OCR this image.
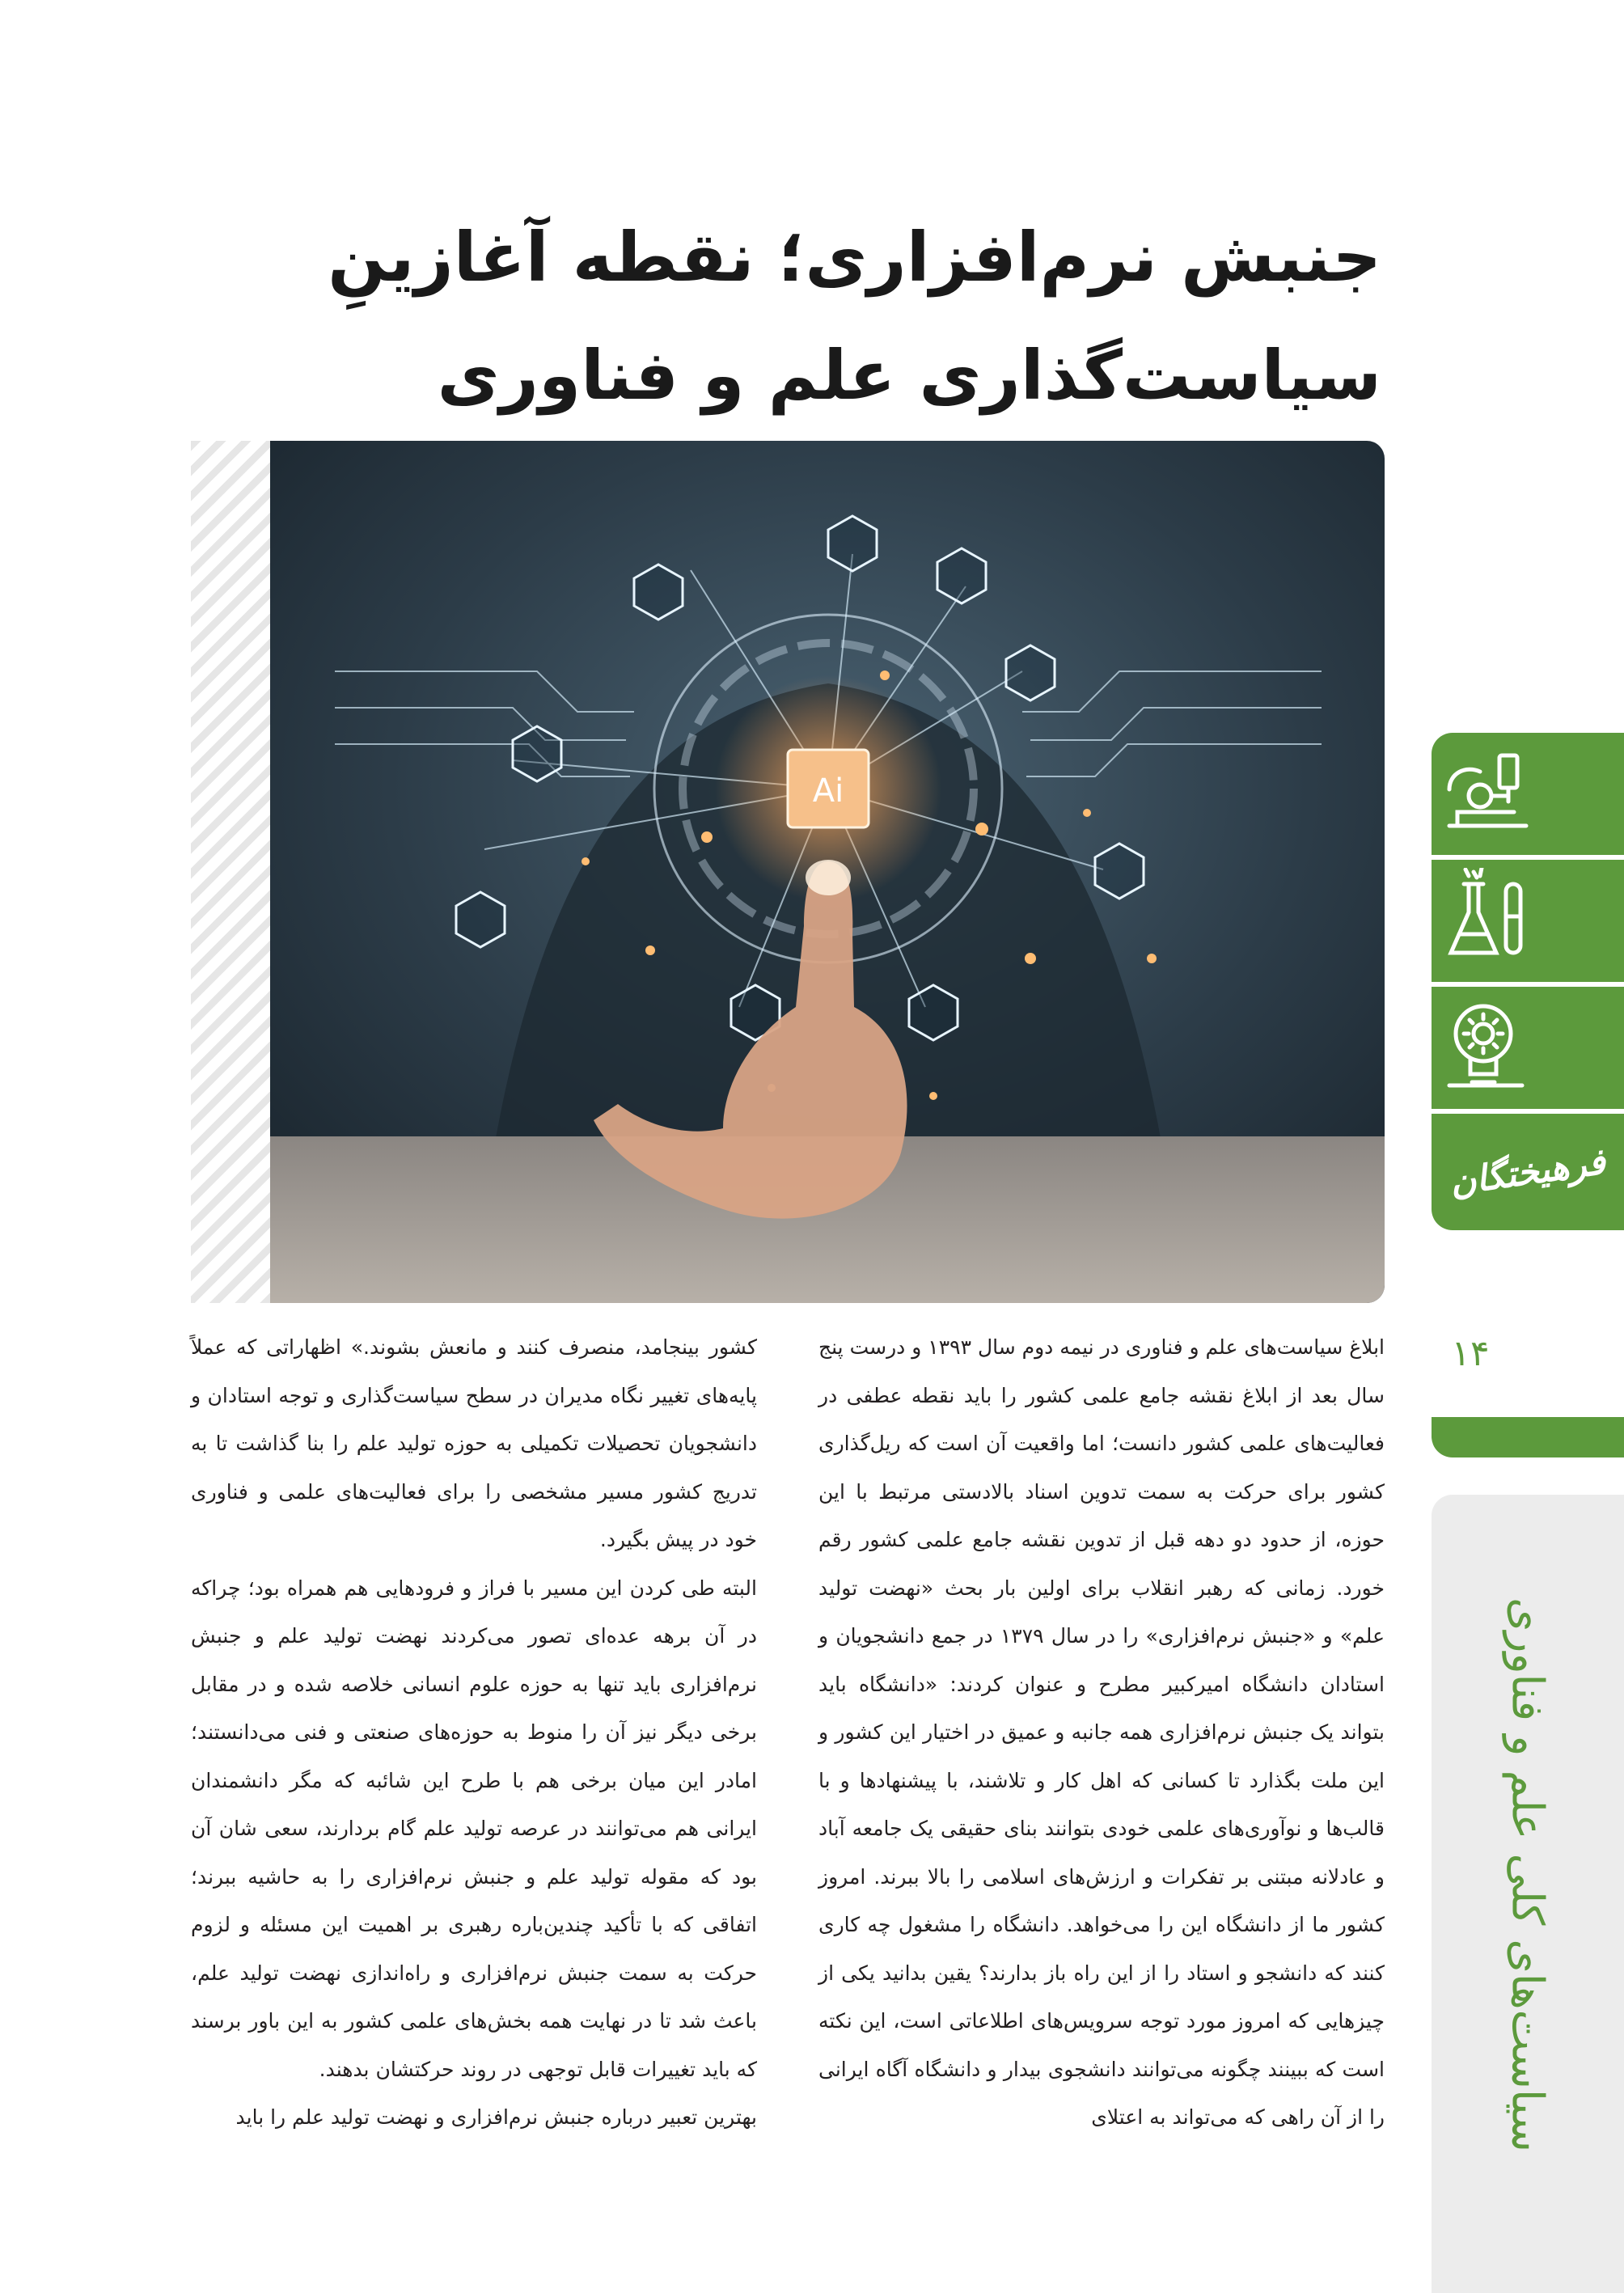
جنبش نرم‌افزاری؛ نقطه آغازینِ
سیاست‌گذاری علم و فناوری
Ai

ابلاغ سیاست‌های علم و فناوری در نیمه دوم سال ۱۳۹۳ و درست پنج سال بعد از ابلاغ نقشه جامع علمی کشور را باید نقطه عطفی در فعالیت‌های علمی کشور دانست؛ اما واقعیت آن است که ریل‌گذاری کشور برای حرکت به سمت تدوین اسناد بالادستی مرتبط با این حوزه، از حدود دو دهه قبل از تدوین نقشه جامع علمی کشور رقم خورد. زمانی که رهبر انقلاب برای اولین بار بحث «نهضت تولید علم» و «جنبش نرم‌افزاری» را در سال ۱۳۷۹ در جمع دانشجویان و استادان دانشگاه امیرکبیر مطرح و عنوان کردند: «دانشگاه باید بتواند یک جنبش نرم‌افزاری همه جانبه و عمیق در اختیار این کشور و این ملت بگذارد تا کسانی که اهل کار و تلاشند، با پیشنهادها و با قالب‌ها و نوآوری‌های علمی خودی بتوانند بنای حقیقی یک جامعه آباد و عادلانه مبتنی بر تفکرات و ارزش‌های اسلامی را بالا ببرند. امروز کشور ما از دانشگاه این را می‌خواهد. دانشگاه را مشغول چه کاری کنند که دانشجو و استاد را از این راه باز بدارند؟ یقین بدانید یکی از چیزهایی که امروز مورد توجه سرویس‌های اطلاعاتی است، این نکته است که ببینند چگونه می‌توانند دانشجوی بیدار و دانشگاه آگاه ایرانی را از آن راهی که می‌تواند به اعتلای

کشور بینجامد، منصرف کنند و مانعش بشوند.» اظهاراتی که عملاً پایه‌های تغییر نگاه مدیران در سطح سیاست‌گذاری و توجه استادان و دانشجویان تحصیلات تکمیلی به حوزه تولید علم را بنا گذاشت تا به تدریج کشور مسیر مشخصی را برای فعالیت‌های علمی و فناوری خود در پیش بگیرد.

البته طی کردن این مسیر با فراز و فرودهایی هم همراه بود؛ چراکه در آن برهه عده‌ای تصور می‌کردند نهضت تولید علم و جنبش نرم‌افزاری باید تنها به حوزه علوم انسانی خلاصه شده و در مقابل برخی دیگر نیز آن را منوط به حوزه‌های صنعتی و فنی می‌دانستند؛ امادر این میان برخی هم با طرح این شائبه که مگر دانشمندان ایرانی هم می‌توانند در عرصه تولید علم گام بردارند، سعی شان آن بود که مقوله تولید علم و جنبش نرم‌افزاری را به حاشیه ببرند؛ اتفاقی که با تأکید چندین‌باره رهبری بر اهمیت این مسئله و لزوم حرکت به سمت جنبش نرم‌افزاری و راه‌اندازی نهضت تولید علم، باعث شد تا در نهایت همه بخش‌های علمی کشور به این باور برسند که باید تغییرات قابل توجهی در روند حرکتشان بدهند.

بهترین تعبیر درباره جنبش نرم‌افزاری و نهضت تولید علم را باید

فرهیختگان
۱۴
سیاست‌های کلی علم و فناوری
